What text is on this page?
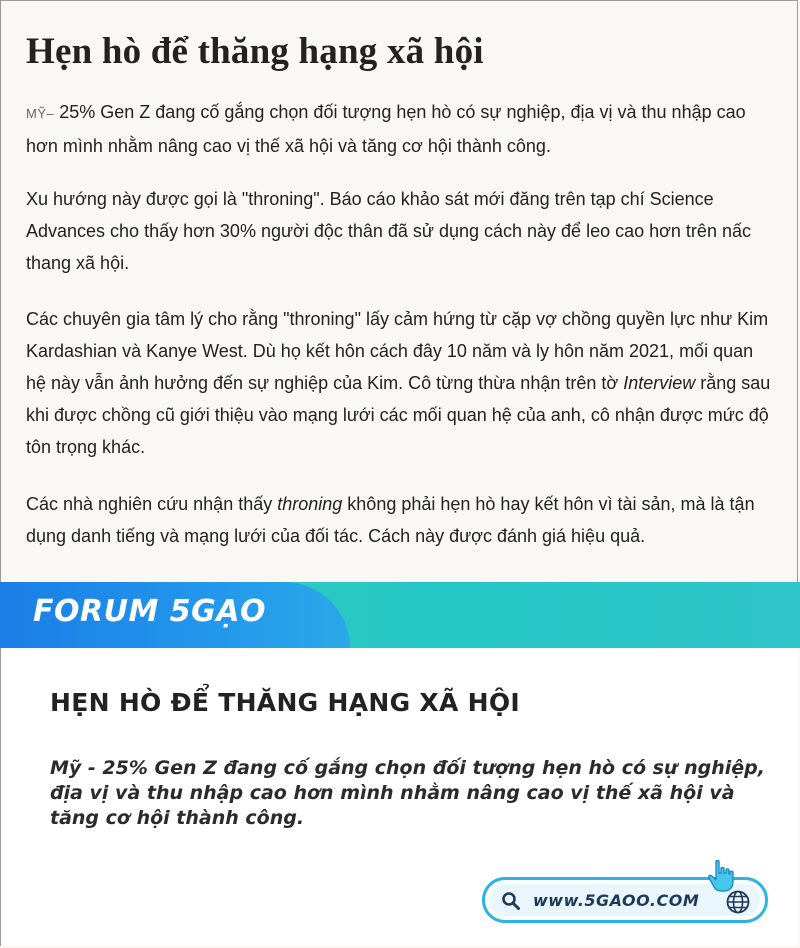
Hẹn hò để thăng hạng xã hội

MỸ– 25% Gen Z đang cố gắng chọn đối tượng hẹn hò có sự nghiệp, địa vị và thu nhập cao hơn mình nhằm nâng cao vị thế xã hội và tăng cơ hội thành công.

Xu hướng này được gọi là "throning". Báo cáo khảo sát mới đăng trên tạp chí Science Advances cho thấy hơn 30% người độc thân đã sử dụng cách này để leo cao hơn trên nấc thang xã hội.

Các chuyên gia tâm lý cho rằng "throning" lấy cảm hứng từ cặp vợ chồng quyền lực như Kim Kardashian và Kanye West. Dù họ kết hôn cách đây 10 năm và ly hôn năm 2021, mối quan hệ này vẫn ảnh hưởng đến sự nghiệp của Kim. Cô từng thừa nhận trên tờ Interview rằng sau khi được chồng cũ giới thiệu vào mạng lưới các mối quan hệ của anh, cô nhận được mức độ tôn trọng khác.

Các nhà nghiên cứu nhận thấy throning không phải hẹn hò hay kết hôn vì tài sản, mà là tận dụng danh tiếng và mạng lưới của đối tác. Cách này được đánh giá hiệu quả.

FORUM 5GẠO
HẸN HÒ ĐỂ THĂNG HẠNG XÃ HỘI

Mỹ - 25% Gen Z đang cố gắng chọn đối tượng hẹn hò có sự nghiệp, địa vị và thu nhập cao hơn mình nhằm nâng cao vị thế xã hội và tăng cơ hội thành công.

www.5GAOO.COM
